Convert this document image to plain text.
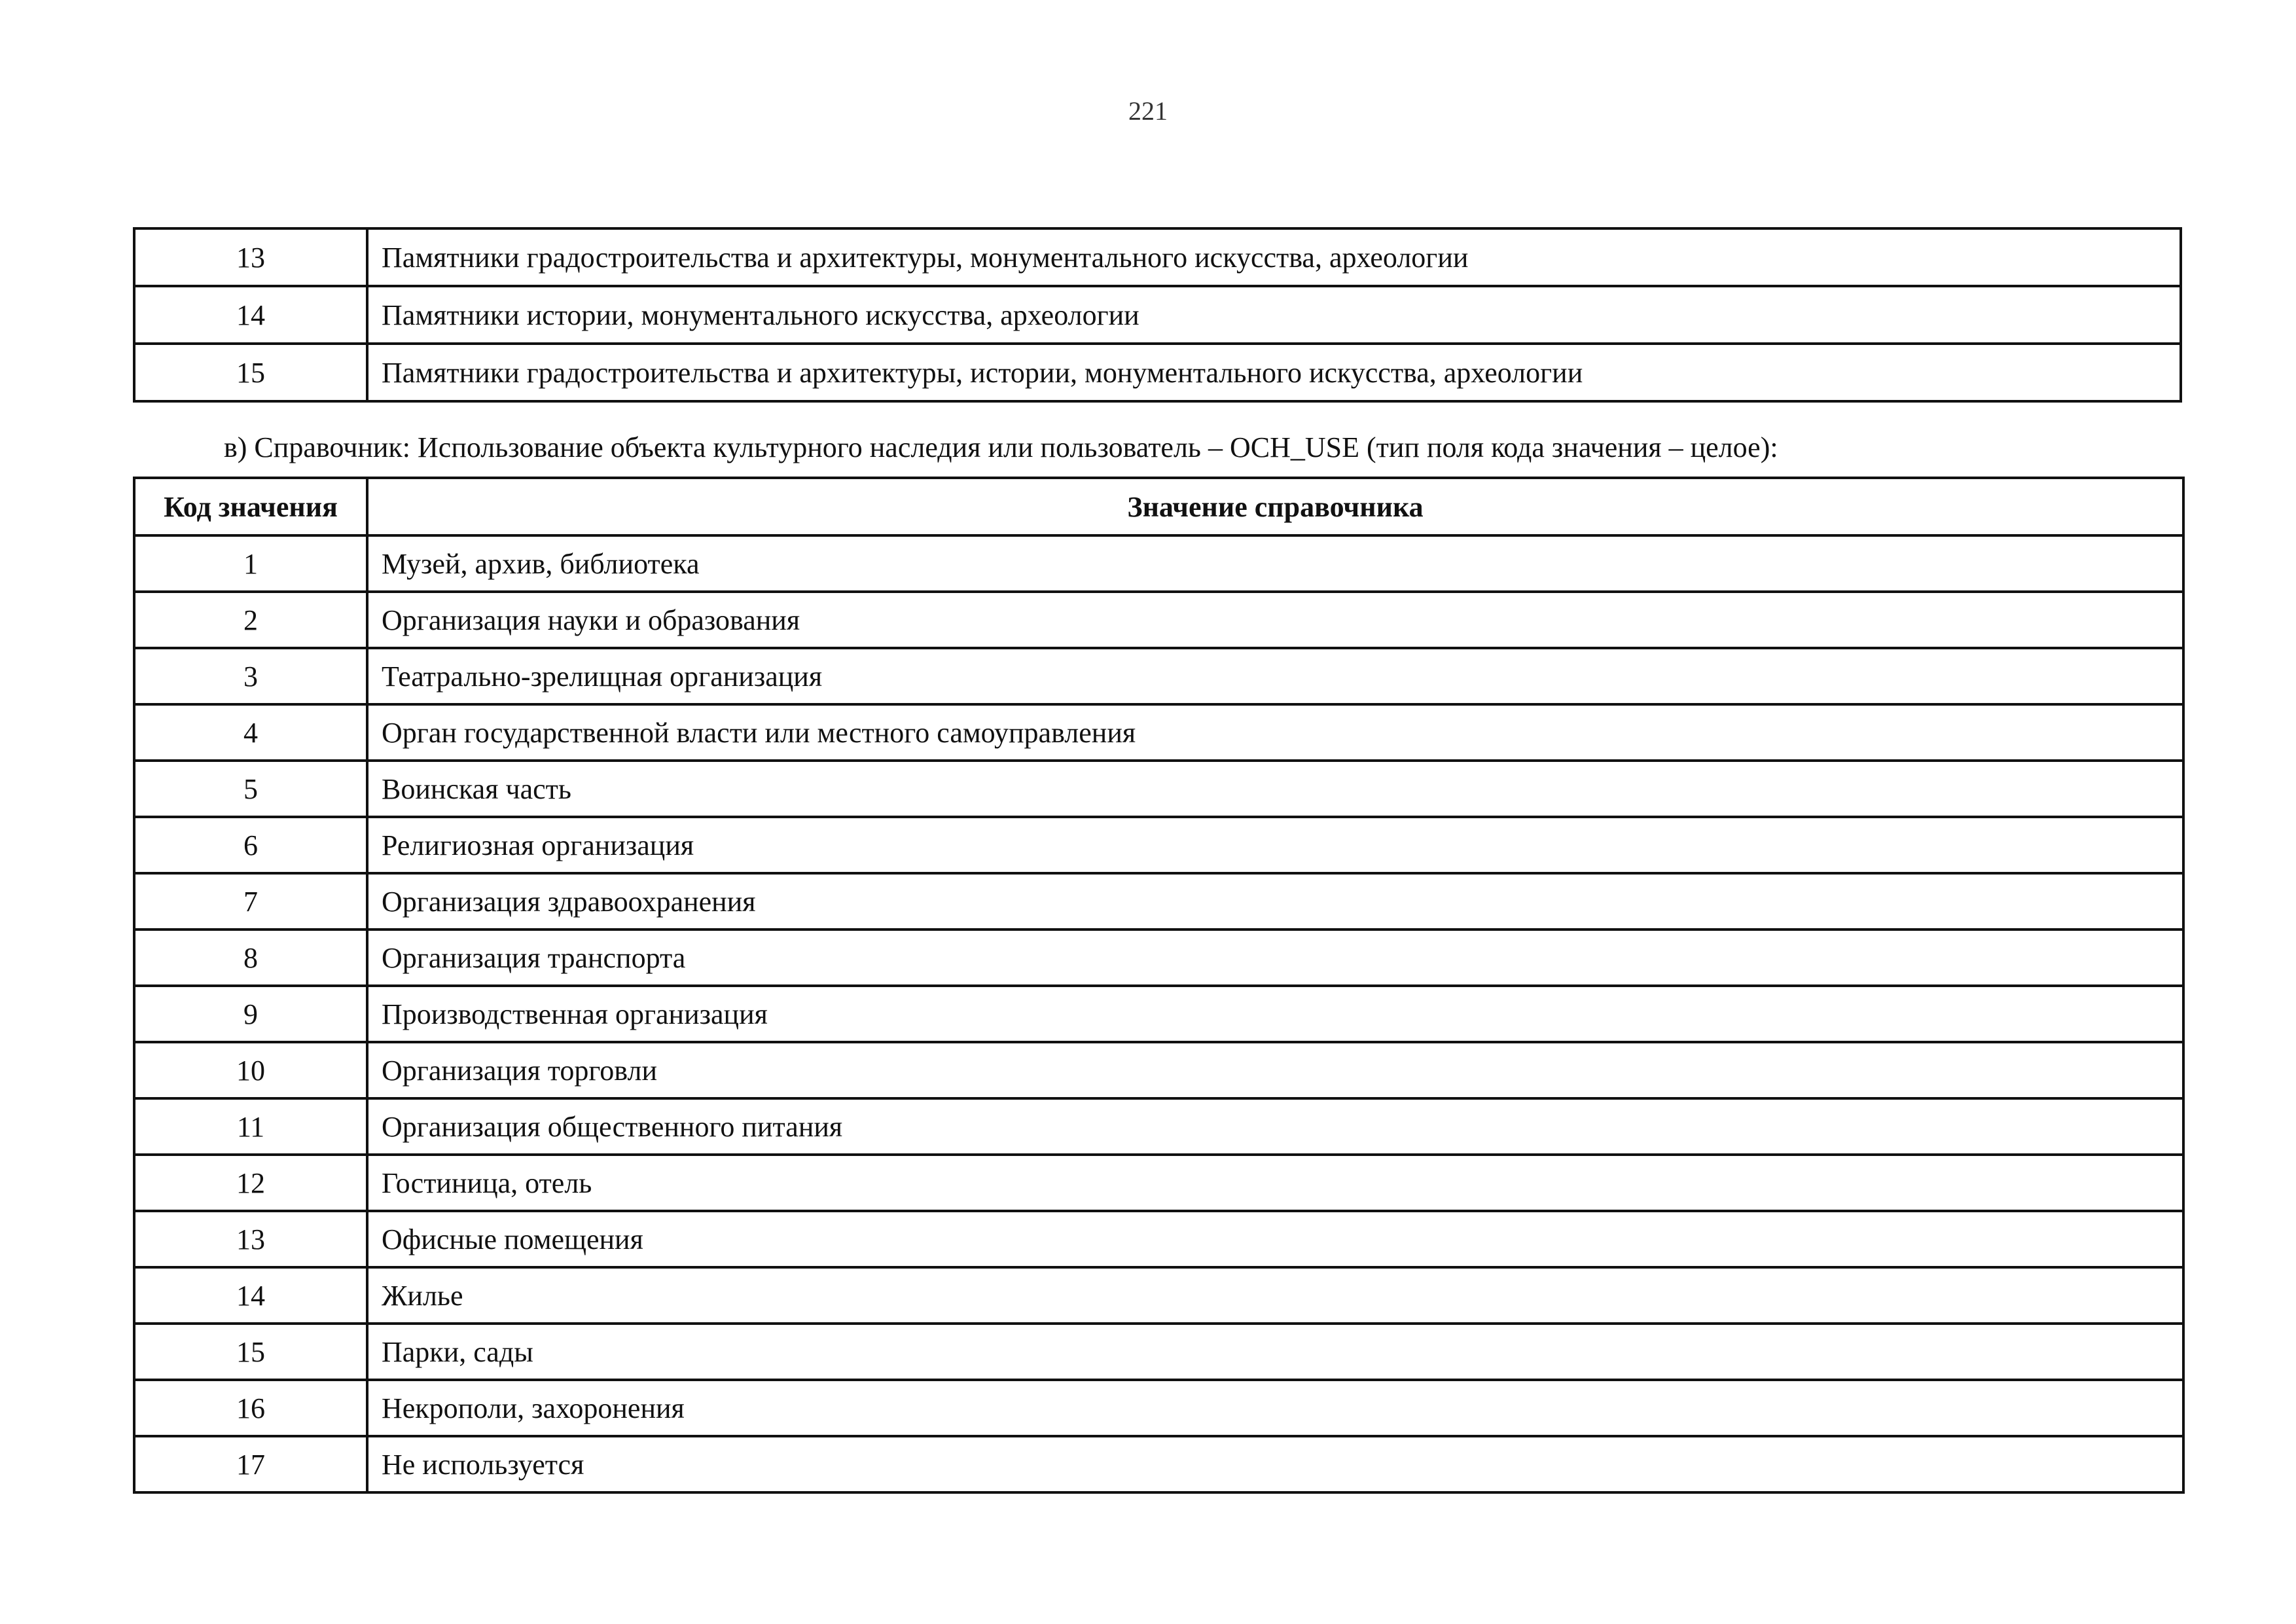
221
13	Памятники градостроительства и архитектуры, монументального искусства, археологии
14	Памятники истории, монументального искусства, археологии
15	Памятники градостроительства и архитектуры, истории, монументального искусства, археологии
в) Справочник: Использование объекта культурного наследия или пользователь – OCH_USE (тип поля кода значения – целое):
Код значения	Значение справочника
1	Музей, архив, библиотека
2	Организация науки и образования
3	Театрально-зрелищная организация
4	Орган государственной власти или местного самоуправления
5	Воинская часть
6	Религиозная организация
7	Организация здравоохранения
8	Организация транспорта
9	Производственная организация
10	Организация торговли
11	Организация общественного питания
12	Гостиница, отель
13	Офисные помещения
14	Жилье
15	Парки, сады
16	Некрополи, захоронения
17	Не используется
